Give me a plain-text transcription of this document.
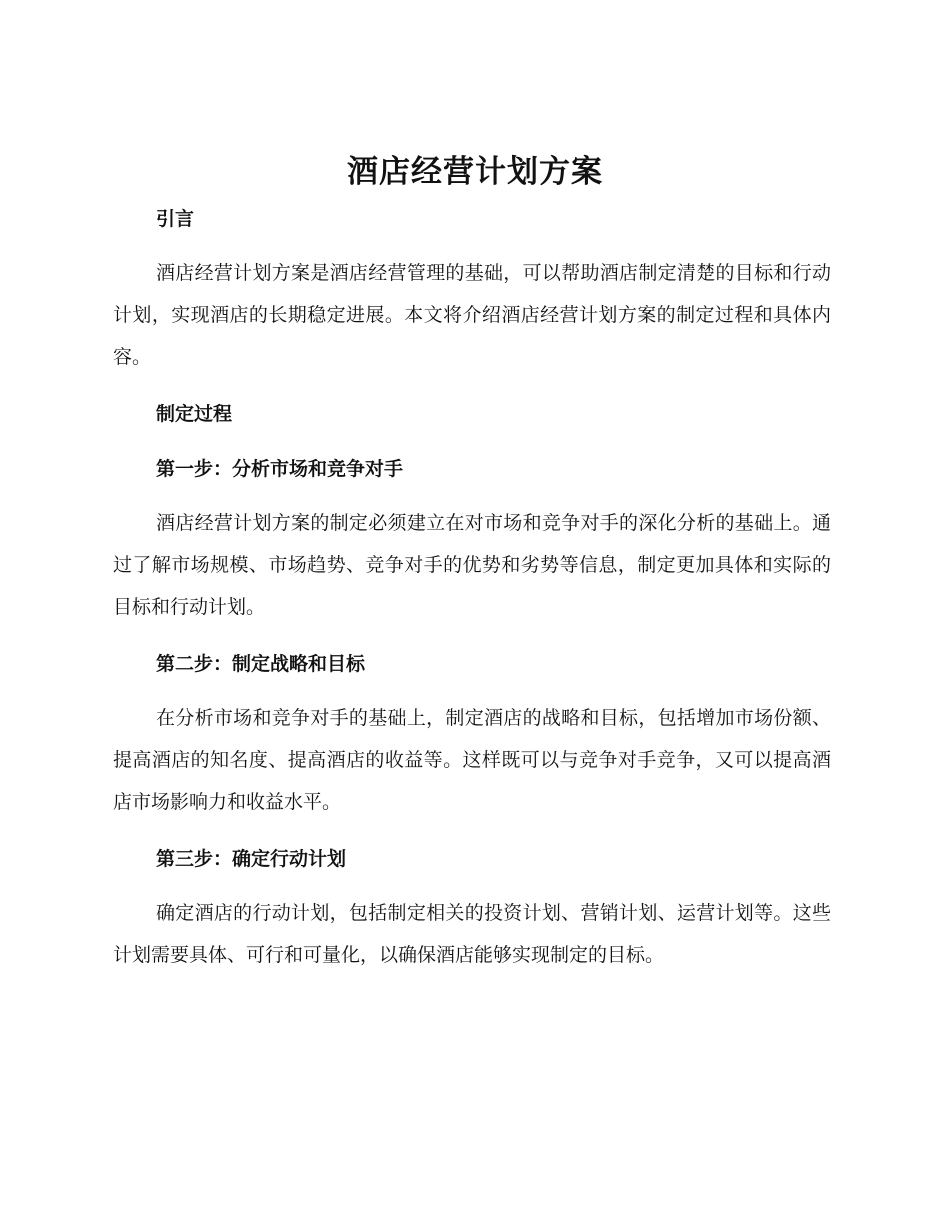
酒店经营计划方案
引言

酒店经营计划方案是酒店经营管理的基础，可以帮助酒店制定清楚的目标和行动计划，实现酒店的长期稳定进展。本文将介绍酒店经营计划方案的制定过程和具体内容。

制定过程
第一步：分析市场和竞争对手

酒店经营计划方案的制定必须建立在对市场和竞争对手的深化分析的基础上。通过了解市场规模、市场趋势、竞争对手的优势和劣势等信息，制定更加具体和实际的目标和行动计划。

第二步：制定战略和目标

在分析市场和竞争对手的基础上，制定酒店的战略和目标，包括增加市场份额、提高酒店的知名度、提高酒店的收益等。这样既可以与竞争对手竞争，又可以提高酒店市场影响力和收益水平。

第三步：确定行动计划

确定酒店的行动计划，包括制定相关的投资计划、营销计划、运营计划等。这些计划需要具体、可行和可量化，以确保酒店能够实现制定的目标。
